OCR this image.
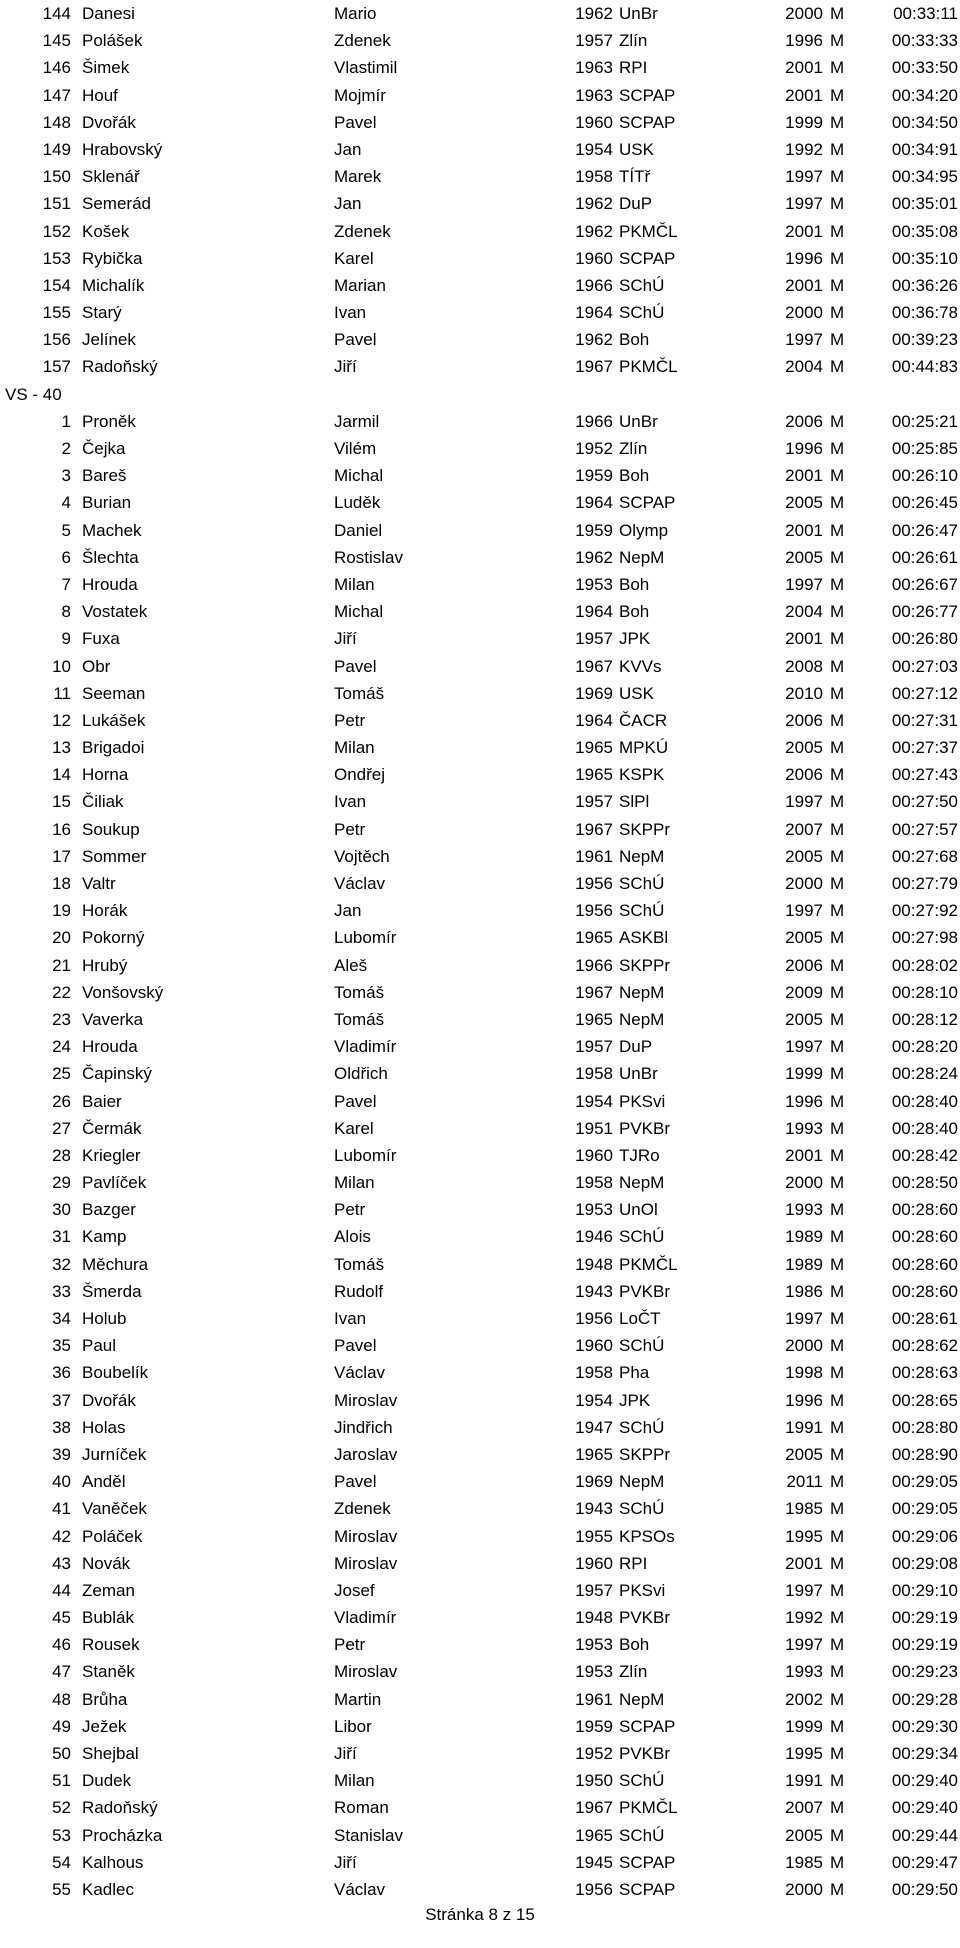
144 Danesi	Mario	1962 UnBr	2000 M	00:33:11
145 Polášek	Zdenek	1957 Zlín	1996 M	00:33:33
146 Šimek	Vlastimil	1963 RPI	2001 M	00:33:50
147 Houf	Mojmír	1963 SCPAP	2001 M	00:34:20
148 Dvořák	Pavel	1960 SCPAP	1999 M	00:34:50
149 Hrabovský	Jan	1954 USK	1992 M	00:34:91
150 Sklenář	Marek	1958 TÍTř	1997 M	00:34:95
151 Semerád	Jan	1962 DuP	1997 M	00:35:01
152 Košek	Zdenek	1962 PKMČL	2001 M	00:35:08
153 Rybička	Karel	1960 SCPAP	1996 M	00:35:10
154 Michalík	Marian	1966 SChÚ	2001 M	00:36:26
155 Starý	Ivan	1964 SChÚ	2000 M	00:36:78
156 Jelínek	Pavel	1962 Boh	1997 M	00:39:23
157 Radoňský	Jiří	1967 PKMČL	2004 M	00:44:83
VS - 40
1 Proněk	Jarmil	1966 UnBr	2006 M	00:25:21
2 Čejka	Vilém	1952 Zlín	1996 M	00:25:85
3 Bareš	Michal	1959 Boh	2001 M	00:26:10
4 Burian	Luděk	1964 SCPAP	2005 M	00:26:45
5 Machek	Daniel	1959 Olymp	2001 M	00:26:47
6 Šlechta	Rostislav	1962 NepM	2005 M	00:26:61
7 Hrouda	Milan	1953 Boh	1997 M	00:26:67
8 Vostatek	Michal	1964 Boh	2004 M	00:26:77
9 Fuxa	Jiří	1957 JPK	2001 M	00:26:80
10 Obr	Pavel	1967 KVVs	2008 M	00:27:03
11 Seeman	Tomáš	1969 USK	2010 M	00:27:12
12 Lukášek	Petr	1964 ČACR	2006 M	00:27:31
13 Brigadoi	Milan	1965 MPKÚ	2005 M	00:27:37
14 Horna	Ondřej	1965 KSPK	2006 M	00:27:43
15 Čiliak	Ivan	1957 SlPl	1997 M	00:27:50
16 Soukup	Petr	1967 SKPPr	2007 M	00:27:57
17 Sommer	Vojtěch	1961 NepM	2005 M	00:27:68
18 Valtr	Václav	1956 SChÚ	2000 M	00:27:79
19 Horák	Jan	1956 SChÚ	1997 M	00:27:92
20 Pokorný	Lubomír	1965 ASKBl	2005 M	00:27:98
21 Hrubý	Aleš	1966 SKPPr	2006 M	00:28:02
22 Vonšovský	Tomáš	1967 NepM	2009 M	00:28:10
23 Vaverka	Tomáš	1965 NepM	2005 M	00:28:12
24 Hrouda	Vladimír	1957 DuP	1997 M	00:28:20
25 Čapinský	Oldřich	1958 UnBr	1999 M	00:28:24
26 Baier	Pavel	1954 PKSvi	1996 M	00:28:40
27 Čermák	Karel	1951 PVKBr	1993 M	00:28:40
28 Kriegler	Lubomír	1960 TJRo	2001 M	00:28:42
29 Pavlíček	Milan	1958 NepM	2000 M	00:28:50
30 Bazger	Petr	1953 UnOl	1993 M	00:28:60
31 Kamp	Alois	1946 SChÚ	1989 M	00:28:60
32 Měchura	Tomáš	1948 PKMČL	1989 M	00:28:60
33 Šmerda	Rudolf	1943 PVKBr	1986 M	00:28:60
34 Holub	Ivan	1956 LoČT	1997 M	00:28:61
35 Paul	Pavel	1960 SChÚ	2000 M	00:28:62
36 Boubelík	Václav	1958 Pha	1998 M	00:28:63
37 Dvořák	Miroslav	1954 JPK	1996 M	00:28:65
38 Holas	Jindřich	1947 SChÚ	1991 M	00:28:80
39 Jurníček	Jaroslav	1965 SKPPr	2005 M	00:28:90
40 Anděl	Pavel	1969 NepM	2011 M	00:29:05
41 Vaněček	Zdenek	1943 SChÚ	1985 M	00:29:05
42 Poláček	Miroslav	1955 KPSOs	1995 M	00:29:06
43 Novák	Miroslav	1960 RPI	2001 M	00:29:08
44 Zeman	Josef	1957 PKSvi	1997 M	00:29:10
45 Bublák	Vladimír	1948 PVKBr	1992 M	00:29:19
46 Rousek	Petr	1953 Boh	1997 M	00:29:19
47 Staněk	Miroslav	1953 Zlín	1993 M	00:29:23
48 Brůha	Martin	1961 NepM	2002 M	00:29:28
49 Ježek	Libor	1959 SCPAP	1999 M	00:29:30
50 Shejbal	Jiří	1952 PVKBr	1995 M	00:29:34
51 Dudek	Milan	1950 SChÚ	1991 M	00:29:40
52 Radoňský	Roman	1967 PKMČL	2007 M	00:29:40
53 Procházka	Stanislav	1965 SChÚ	2005 M	00:29:44
54 Kalhous	Jiří	1945 SCPAP	1985 M	00:29:47
55 Kadlec	Václav	1956 SCPAP	2000 M	00:29:50
Stránka 8 z 15
